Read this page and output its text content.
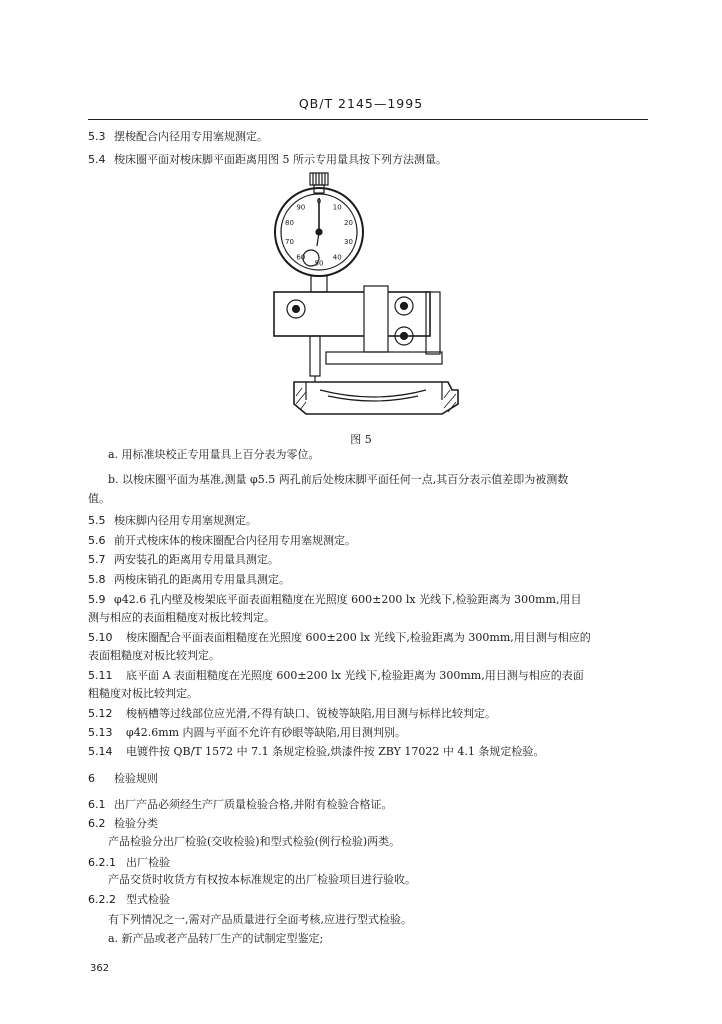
QB/T 2145—1995
5.3 摆梭配合内径用专用塞规测定。
5.4 梭床圈平面对梭床脚平面距离用图 5 所示专用量具按下列方法测量。
a. 用标准块校正专用量具上百分表为零位。
b. 以梭床圈平面为基准,测量 φ5.5 两孔前后处梭床脚平面任何一点,其百分表示值差即为被测数
值。
5.5 梭床脚内径用专用塞规测定。
5.6 前开式梭床体的梭床圈配合内径用专用塞规测定。
5.7 两安装孔的距离用专用量具测定。
5.8 两梭床销孔的距离用专用量具测定。
5.9 φ42.6 孔内壁及梭架底平面表面粗糙度在光照度 600±200 lx 光线下,检验距离为 300mm,用目
测与相应的表面粗糙度对板比较判定。
5.10 梭床圈配合平面表面粗糙度在光照度 600±200 lx 光线下,检验距离为 300mm,用目测与相应的
表面粗糙度对板比较判定。
5.11 底平面 A 表面粗糙度在光照度 600±200 lx 光线下,检验距离为 300mm,用目测与相应的表面
粗糙度对板比较判定。
5.12 梭柄槽等过线部位应光滑,不得有缺口、锐棱等缺陷,用目测与标样比较判定。
5.13 φ42.6mm 内圆与平面不允许有砂眼等缺陷,用目测判别。
5.14 电镀件按 QB/T 1572 中 7.1 条规定检验,烘漆件按 ZBY 17022 中 4.1 条规定检验。
6 检验规则
6.1 出厂产品必须经生产厂质量检验合格,并附有检验合格证。
6.2 检验分类
产品检验分出厂检验(交收检验)和型式检验(例行检验)两类。
6.2.1 出厂检验
产品交货时收货方有权按本标准规定的出厂检验项目进行验收。
6.2.2 型式检验
有下列情况之一,需对产品质量进行全面考核,应进行型式检验。
a. 新产品或老产品转厂生产的试制定型鉴定;
0
10
20
30
40
50
60
70
80
90
图 5
362
